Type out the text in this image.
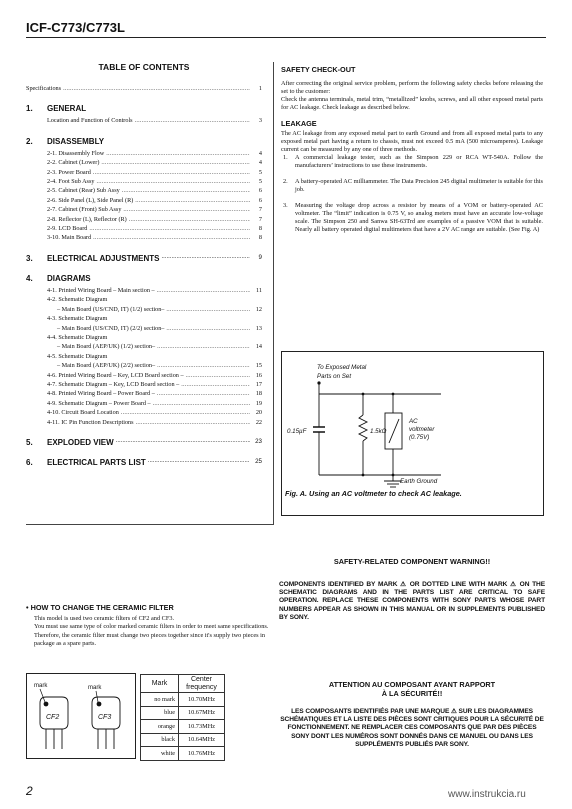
ICF-C773/C773L
TABLE OF CONTENTS
Specifications .....	1
1.	GENERAL
Location and Function of Controls .....	3
2.	DISASSEMBLY
2-1. Disassembly Flow .....	4
2-2. Cabinet (Lower) .....	4
2-3. Power Board .....	5
2-4. Foot Sub Assy .....	5
2-5. Cabinet (Rear) Sub Assy .....	6
2-6. Side Panel (L), Side Panel (R) .....	6
2-7. Cabinet (Front) Sub Assy .....	7
2-8. Reflector (L), Reflector (R) .....	7
2-9. LCD Board .....	8
3-10. Main Board .....	8
3.	ELECTRICAL ADJUSTMENTS .....	9
4.	DIAGRAMS
4-1. Printed Wiring Board – Main section – .....	11
4-2. Schematic Diagram
– Main Board (US/CND, IT) (1/2) section– .....	12
4-3. Schematic Diagram
– Main Board (US/CND, IT) (2/2) section– .....	13
4-4. Schematic Diagram
– Main Board (AEP/UK) (1/2) section– .....	14
4-5. Schematic Diagram
– Main Board (AEP/UK) (2/2) section– .....	15
4-6. Printed Wiring Board – Key, LCD Board section – .....	16
4-7. Schematic Diagram – Key, LCD Board section – .....	17
4-8. Printed Wiring Board – Power Board – .....	18
4-9. Schematic Diagram – Power Board – .....	19
4-10. Circuit Board Location .....	20
4-11. IC Pin Function Descriptions .....	22
5.	EXPLODED VIEW .....	23
6.	ELECTRICAL PARTS LIST .....	25
SAFETY CHECK-OUT
After correcting the original service problem, perform the following safety checks before releasing the set to the customer:
Check the antenna terminals, metal trim, “metallized” knobs, screws, and all other exposed metal parts for AC leakage. Check leakage as described below.
LEAKAGE
The AC leakage from any exposed metal part to earth Ground and from all exposed metal parts to any exposed metal part having a return to chassis, must not exceed 0.5 mA (500 microamperes). Leakage current can be measured by any one of three methods.
1.	A commercial leakage tester, such as the Simpson 229 or RCA WT-540A. Follow the manufacturers’ instructions to use these instruments.
2.	A battery-operated AC milliammeter. The Data Precision 245 digital multimeter is suitable for this job.
3.	Measuring the voltage drop across a resistor by means of a VOM or battery-operated AC voltmeter. The “limit” indication is 0.75 V, so analog meters must have an accurate low-voltage scale. The Simpson 250 and Sanwa SH-63Trd are examples of a passive VOM that is suitable. Nearly all battery operated digital multimeters that have a 2V AC range are suitable. (See Fig. A)
To Exposed Metal
Parts on Set
0.15µF	1.5kΩ
AC
voltmeter
(0.75V)
Earth Ground
Fig. A. Using an AC voltmeter to check AC leakage.
• HOW TO CHANGE THE CERAMIC FILTER
This model is used two ceramic filters of CF2 and CF3.
You must use same type of color marked ceramic filters in order to meet same specifications.
Therefore, the ceramic filter must change two pieces together since it's supply two pieces in package as a spare parts.
mark	mark
CF2	CF3
Mark	Center frequency
no mark	10.70MHz
blue	10.67MHz
orange	10.73MHz
black	10.64MHz
white	10.76MHz
SAFETY-RELATED COMPONENT WARNING!!
COMPONENTS IDENTIFIED BY MARK ⚠ OR DOTTED LINE WITH MARK ⚠ ON THE SCHEMATIC DIAGRAMS AND IN THE PARTS LIST ARE CRITICAL TO SAFE OPERATION. REPLACE THESE COMPONENTS WITH SONY PARTS WHOSE PART NUMBERS APPEAR AS SHOWN IN THIS MANUAL OR IN SUPPLEMENTS PUBLISHED BY SONY.
ATTENTION AU COMPOSANT AYANT RAPPORT
À LA SÉCURITÉ!!
LES COMPOSANTS IDENTIFIÉS PAR UNE MARQUE ⚠ SUR LES DIAGRAMMES SCHÉMATIQUES ET LA LISTE DES PIÈCES SONT CRITIQUES POUR LA SÉCURITÉ DE FONCTIONNEMENT. NE REMPLACER CES COMPOSANTS QUE PAR DES PIÈCES SONY DONT LES NUMÉROS SONT DONNÉS DANS CE MANUEL OU DANS LES SUPPLÉMENTS PUBLIÉS PAR SONY.
2	www.instrukcia.ru
